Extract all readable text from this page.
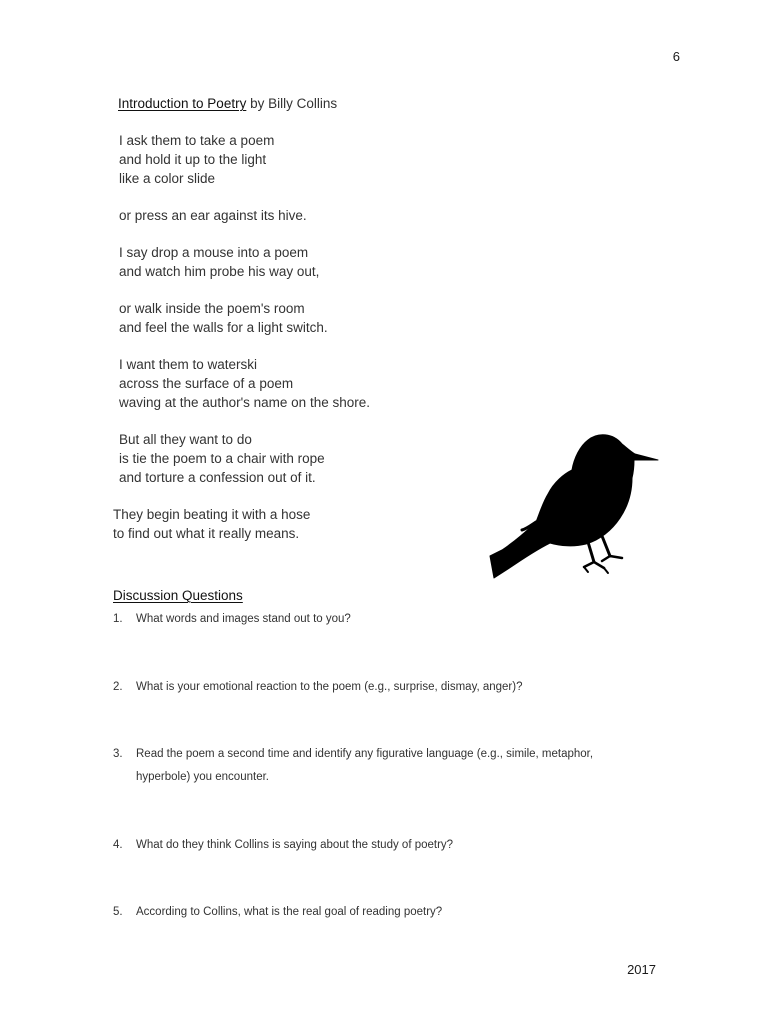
6
Introduction to Poetry by Billy Collins
I ask them to take a poem
and hold it up to the light
like a color slide
or press an ear against its hive.
I say drop a mouse into a poem
and watch him probe his way out,
or walk inside the poem's room
and feel the walls for a light switch.
I want them to waterski
across the surface of a poem
waving at the author's name on the shore.
But all they want to do
is tie the poem to a chair with rope
and torture a confession out of it.
They begin beating it with a hose
to find out what it really means.
Discussion Questions
1. What words and images stand out to you?
2. What is your emotional reaction to the poem (e.g., surprise, dismay, anger)?
3. Read the poem a second time and identify any figurative language (e.g., simile, metaphor,
hyperbole) you encounter.
4. What do they think Collins is saying about the study of poetry?
5. According to Collins, what is the real goal of reading poetry?
2017
